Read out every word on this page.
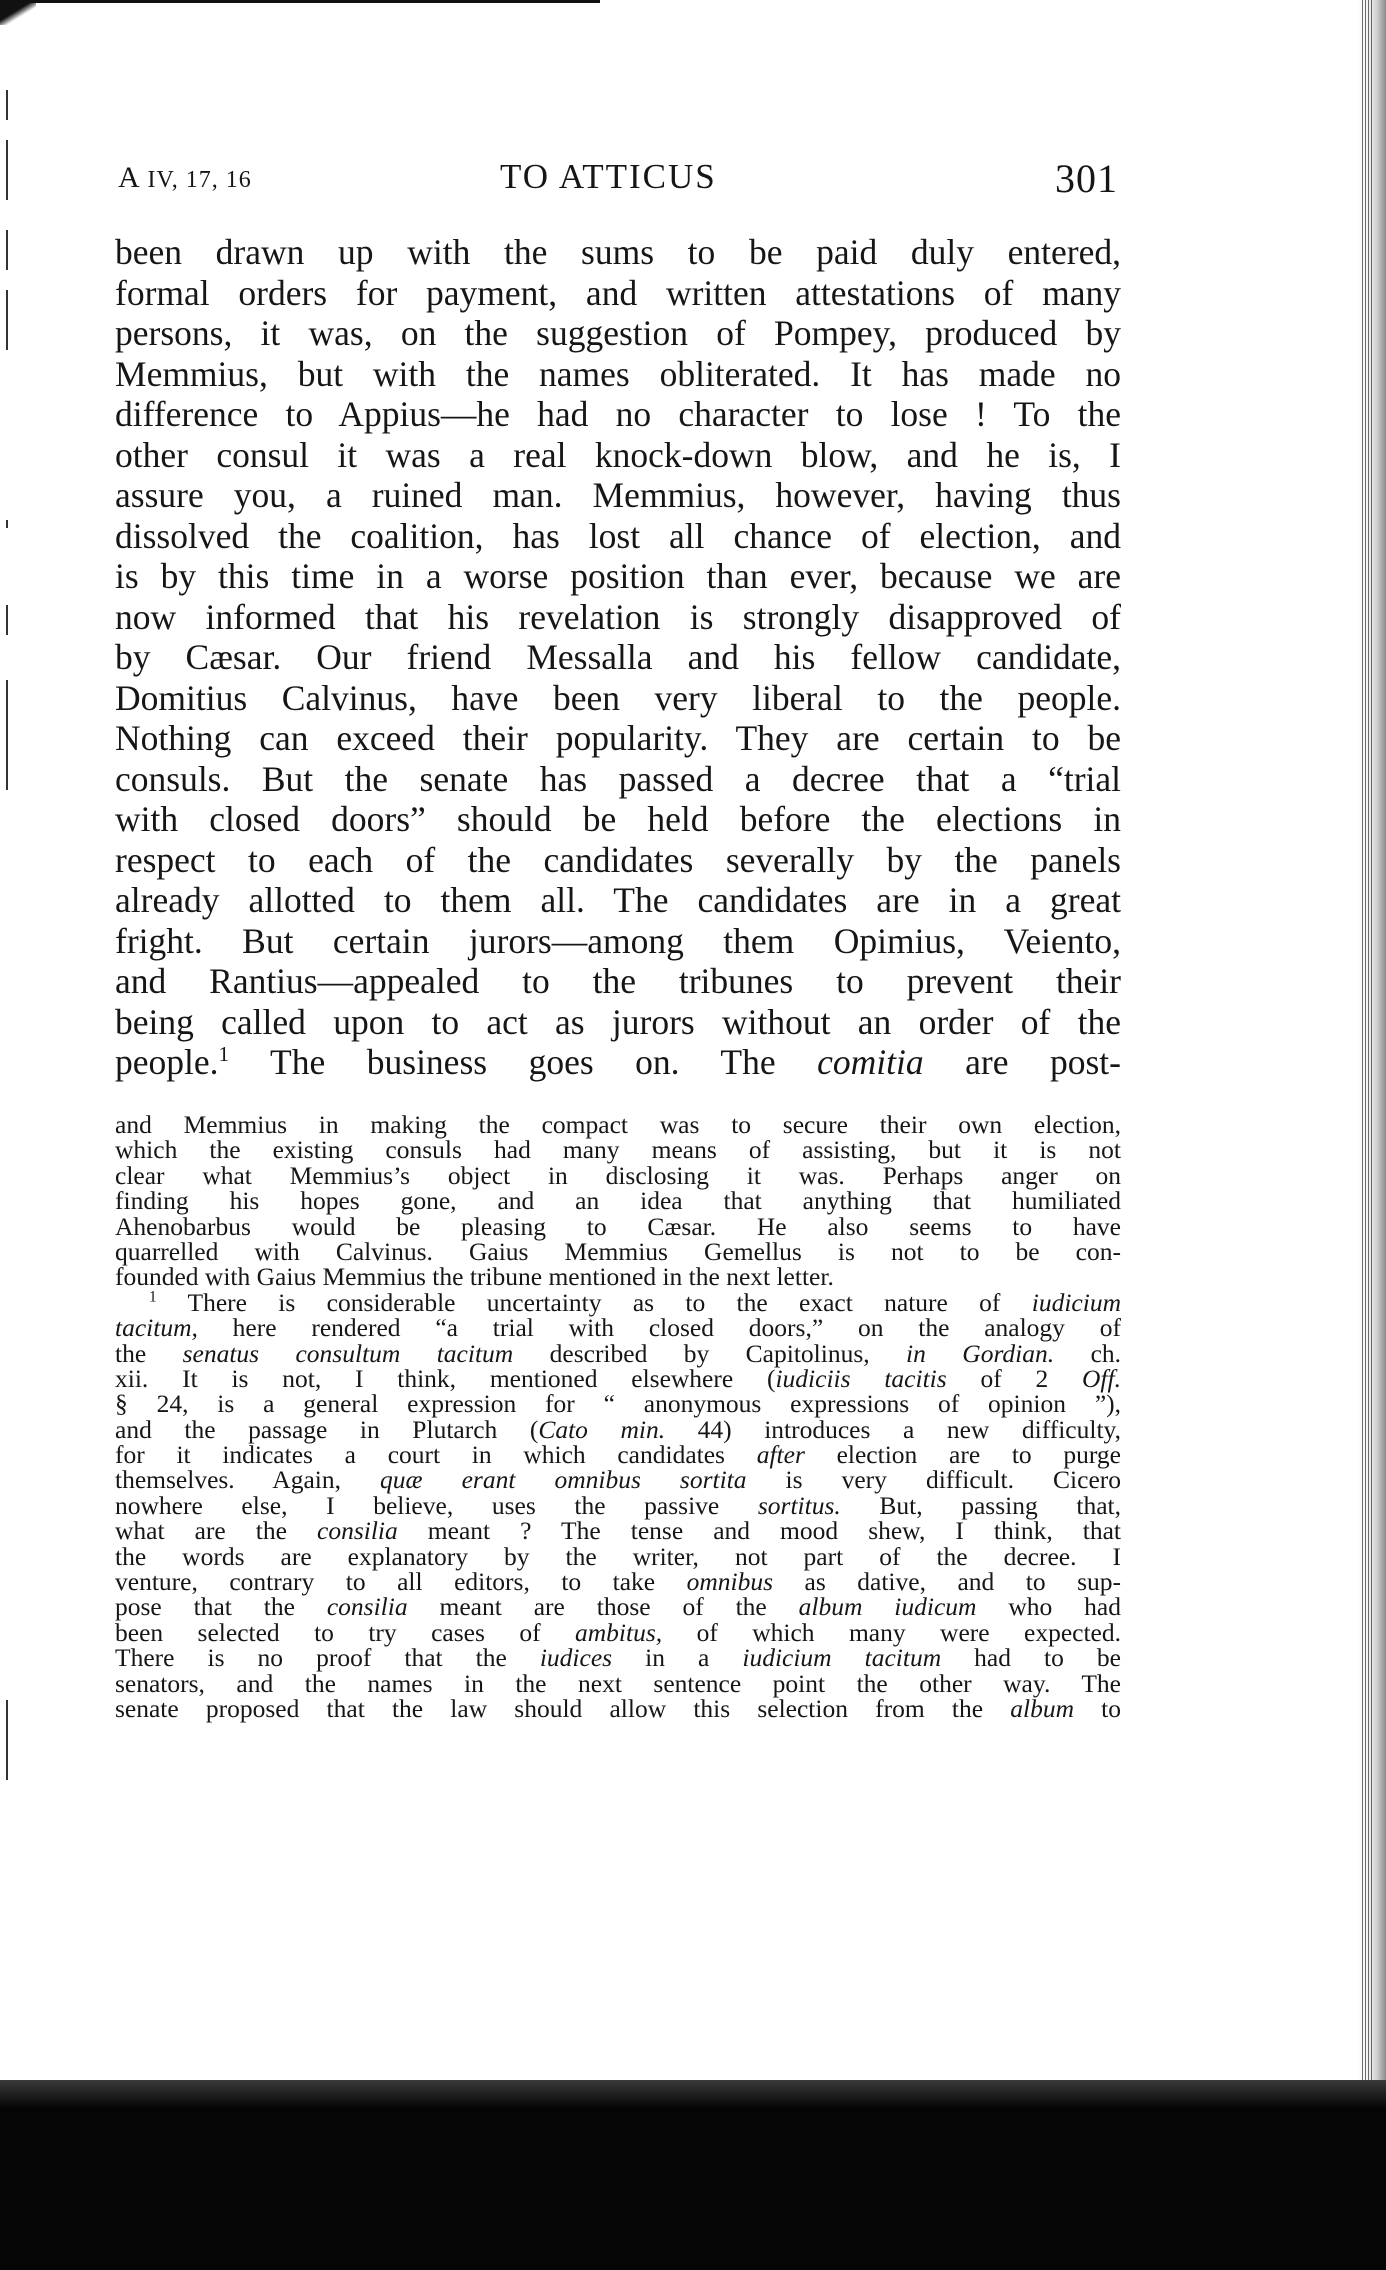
A IV, 17, 16	TO ATTICUS	301
been drawn up with the sums to be paid duly entered,
formal orders for payment, and written attestations of many
persons, it was, on the suggestion of Pompey, produced by
Memmius, but with the names obliterated. It has made no
difference to Appius—he had no character to lose ! To the
other consul it was a real knock-down blow, and he is, I
assure you, a ruined man. Memmius, however, having thus
dissolved the coalition, has lost all chance of election, and
is by this time in a worse position than ever, because we are
now informed that his revelation is strongly disapproved of
by Cæsar. Our friend Messalla and his fellow candidate,
Domitius Calvinus, have been very liberal to the people.
Nothing can exceed their popularity. They are certain to be
consuls. But the senate has passed a decree that a “trial
with closed doors” should be held before the elections in
respect to each of the candidates severally by the panels
already allotted to them all. The candidates are in a great
fright. But certain jurors—among them Opimius, Veiento,
and Rantius—appealed to the tribunes to prevent their
being called upon to act as jurors without an order of the
people.$^1$ The business goes on. The comitia are post-
and Memmius in making the compact was to secure their own election,
which the existing consuls had many means of assisting, but it is not
clear what Memmius’s object in disclosing it was. Perhaps anger on
finding his hopes gone, and an idea that anything that humiliated
Ahenobarbus would be pleasing to Cæsar. He also seems to have
quarrelled with Calvinus. Gaius Memmius Gemellus is not to be con-
founded with Gaius Memmius the tribune mentioned in the next letter.
$^1$ There is considerable uncertainty as to the exact nature of iudicium
tacitum, here rendered “a trial with closed doors,” on the analogy of
the senatus consultum tacitum described by Capitolinus, in Gordian. ch.
xii. It is not, I think, mentioned elsewhere (iudiciis tacitis of 2 Off.
§ 24, is a general expression for “ anonymous expressions of opinion ”),
and the passage in Plutarch (Cato min. 44) introduces a new difficulty,
for it indicates a court in which candidates after election are to purge
themselves. Again, quæ erant omnibus sortita is very difficult. Cicero
nowhere else, I believe, uses the passive sortitus. But, passing that,
what are the consilia meant ? The tense and mood shew, I think, that
the words are explanatory by the writer, not part of the decree. I
venture, contrary to all editors, to take omnibus as dative, and to sup-
pose that the consilia meant are those of the album iudicum who had
been selected to try cases of ambitus, of which many were expected.
There is no proof that the iudices in a iudicium tacitum had to be
senators, and the names in the next sentence point the other way. The
senate proposed that the law should allow this selection from the album to
